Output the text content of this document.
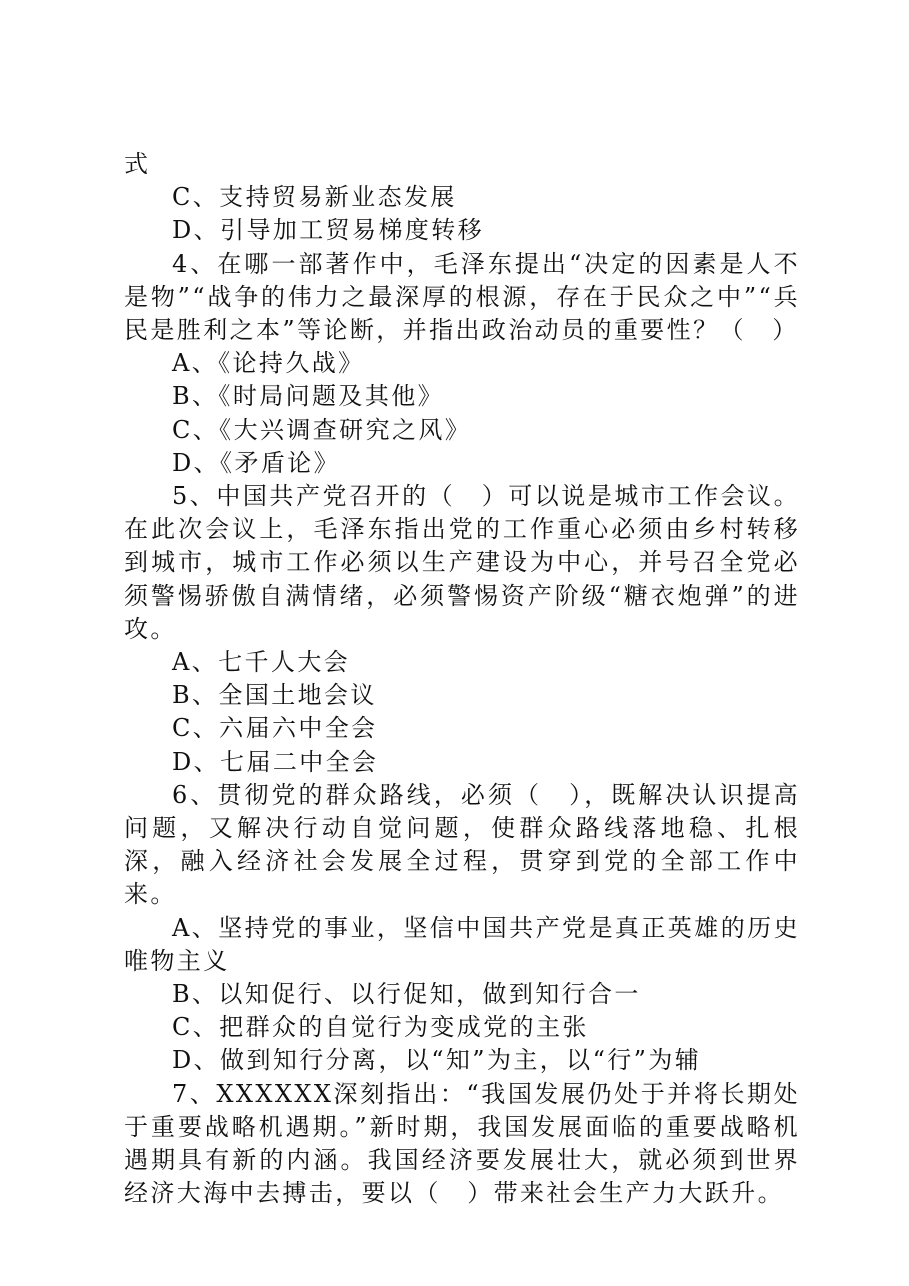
式

C、支持贸易新业态发展

D、引导加工贸易梯度转移

4、在哪一部著作中，毛泽东提出“决定的因素是人不是物”“战争的伟力之最深厚的根源，存在于民众之中”“兵民是胜利之本”等论断，并指出政治动员的重要性？（　）

A、《论持久战》

B、《时局问题及其他》

C、《大兴调查研究之风》

D、《矛盾论》

5、中国共产党召开的（　）可以说是城市工作会议。在此次会议上，毛泽东指出党的工作重心必须由乡村转移到城市，城市工作必须以生产建设为中心，并号召全党必须警惕骄傲自满情绪，必须警惕资产阶级“糖衣炮弹”的进攻。

A、七千人大会

B、全国土地会议

C、六届六中全会

D、七届二中全会

6、贯彻党的群众路线，必须（　），既解决认识提高问题，又解决行动自觉问题，使群众路线落地稳、扎根深，融入经济社会发展全过程，贯穿到党的全部工作中来。

A、坚持党的事业，坚信中国共产党是真正英雄的历史唯物主义

B、以知促行、以行促知，做到知行合一

C、把群众的自觉行为变成党的主张

D、做到知行分离，以“知”为主，以“行”为辅

7、XXXXXX深刻指出：“我国发展仍处于并将长期处于重要战略机遇期。”新时期，我国发展面临的重要战略机遇期具有新的内涵。我国经济要发展壮大，就必须到世界经济大海中去搏击，要以（　）带来社会生产力大跃升。
